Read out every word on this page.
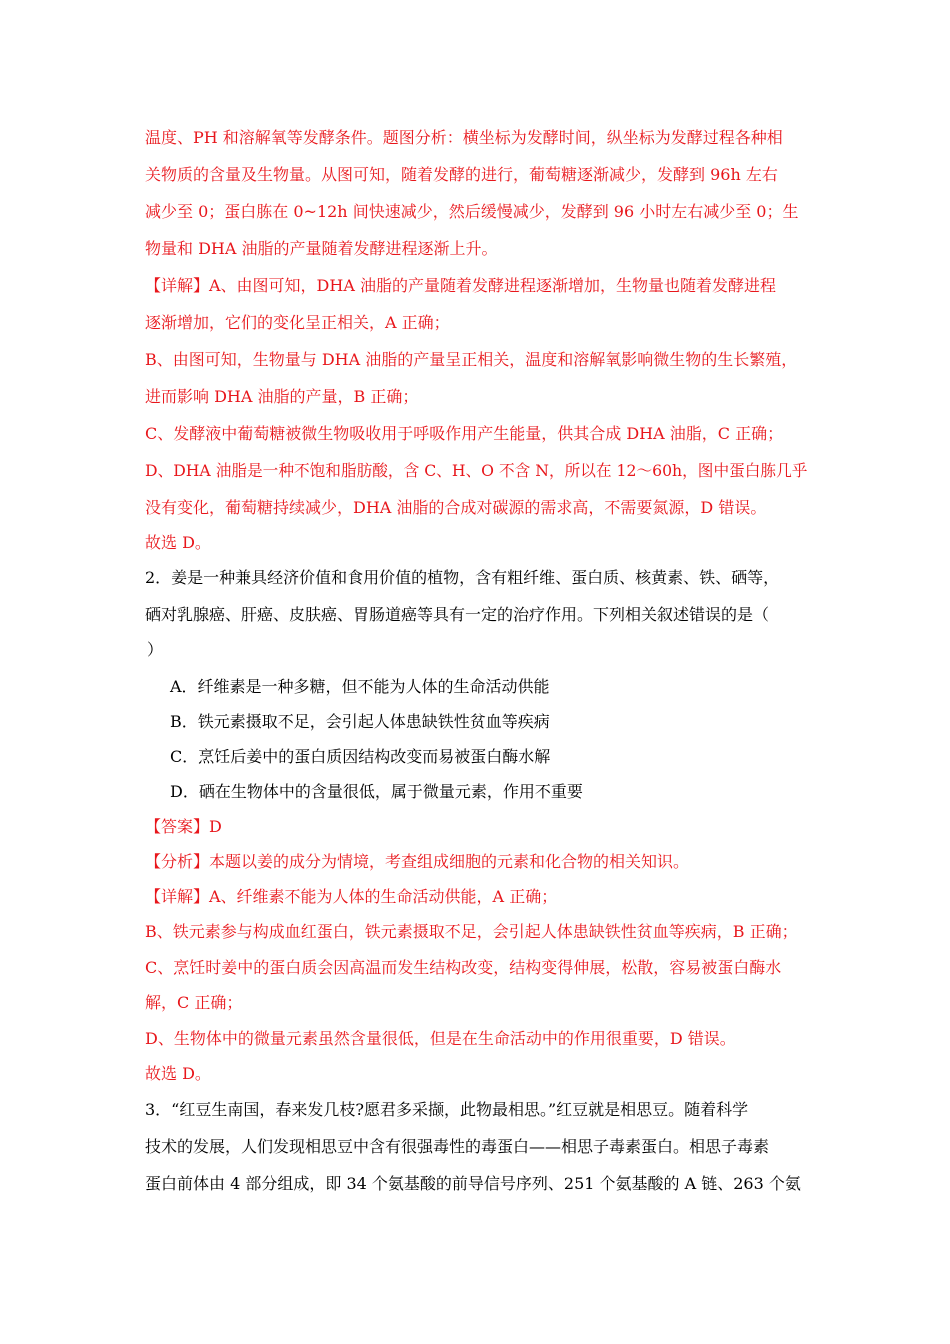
温度、PH 和溶解氧等发酵条件。题图分析：横坐标为发酵时间，纵坐标为发酵过程各种相
关物质的含量及生物量。从图可知，随着发酵的进行，葡萄糖逐渐减少，发酵到 96h 左右
减少至 0；蛋白胨在 0~12h 间快速减少，然后缓慢减少，发酵到 96 小时左右减少至 0；生
物量和 DHA 油脂的产量随着发酵进程逐渐上升。
【详解】A、由图可知，DHA 油脂的产量随着发酵进程逐渐增加，生物量也随着发酵进程
逐渐增加，它们的变化呈正相关，A 正确；
B、由图可知，生物量与 DHA 油脂的产量呈正相关，温度和溶解氧影响微生物的生长繁殖，
进而影响 DHA 油脂的产量，B 正确；
C、发酵液中葡萄糖被微生物吸收用于呼吸作用产生能量，供其合成 DHA 油脂，C 正确；
D、DHA 油脂是一种不饱和脂肪酸，含 C、H、O 不含 N，所以在 12～60h，图中蛋白胨几乎
没有变化，葡萄糖持续减少，DHA 油脂的合成对碳源的需求高，不需要氮源，D 错误。
故选 D。
2．姜是一种兼具经济价值和食用价值的植物，含有粗纤维、蛋白质、核黄素、铁、硒等，
硒对乳腺癌、肝癌、皮肤癌、胃肠道癌等具有一定的治疗作用。下列相关叙述错误的是（
）
A．纤维素是一种多糖，但不能为人体的生命活动供能
B．铁元素摄取不足，会引起人体患缺铁性贫血等疾病
C．烹饪后姜中的蛋白质因结构改变而易被蛋白酶水解
D．硒在生物体中的含量很低，属于微量元素，作用不重要
【答案】D
【分析】本题以姜的成分为情境，考查组成细胞的元素和化合物的相关知识。
【详解】A、纤维素不能为人体的生命活动供能，A 正确；
B、铁元素参与构成血红蛋白，铁元素摄取不足，会引起人体患缺铁性贫血等疾病，B 正确；
C、烹饪时姜中的蛋白质会因高温而发生结构改变，结构变得伸展，松散，容易被蛋白酶水
解，C 正确；
D、生物体中的微量元素虽然含量很低，但是在生命活动中的作用很重要，D 错误。
故选 D。
3．“红豆生南国，春来发几枝?愿君多采撷，此物最相思。”红豆就是相思豆。随着科学
技术的发展，人们发现相思豆中含有很强毒性的毒蛋白——相思子毒素蛋白。相思子毒素
蛋白前体由 4 部分组成，即 34 个氨基酸的前导信号序列、251 个氨基酸的 A 链、263 个氨
